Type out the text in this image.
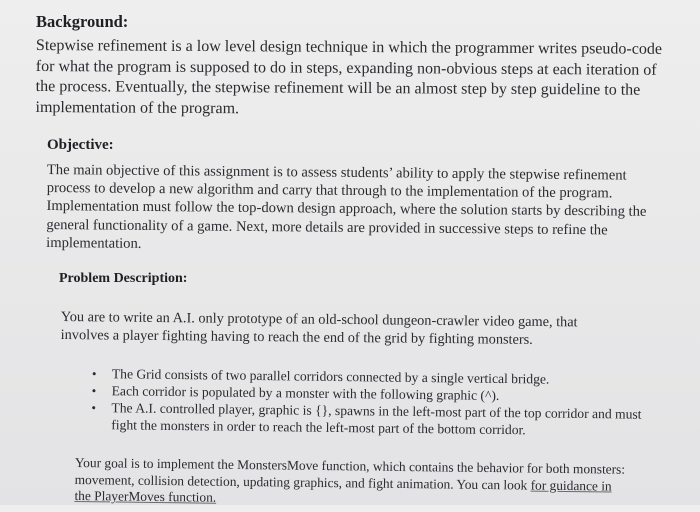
Background:

Stepwise refinement is a low level design technique in which the programmer writes pseudo-code for what the program is supposed to do in steps, expanding non-obvious steps at each iteration of the process. Eventually, the stepwise refinement will be an almost step by step guideline to the implementation of the program.

Objective:

The main objective of this assignment is to assess students’ ability to apply the stepwise refinement process to develop a new algorithm and carry that through to the implementation of the program. Implementation must follow the top-down design approach, where the solution starts by describing the general functionality of a game. Next, more details are provided in successive steps to refine the implementation.

Problem Description:

You are to write an A.I. only prototype of an old-school dungeon-crawler video game, that involves a player fighting having to reach the end of the grid by fighting monsters.

• The Grid consists of two parallel corridors connected by a single vertical bridge.
• Each corridor is populated by a monster with the following graphic (^).
• The A.I. controlled player, graphic is {}, spawns in the left-most part of the top corridor and must fight the monsters in order to reach the left-most part of the bottom corridor.

Your goal is to implement the MonstersMove function, which contains the behavior for both monsters: movement, collision detection, updating graphics, and fight animation. You can look for guidance in the PlayerMoves function.
